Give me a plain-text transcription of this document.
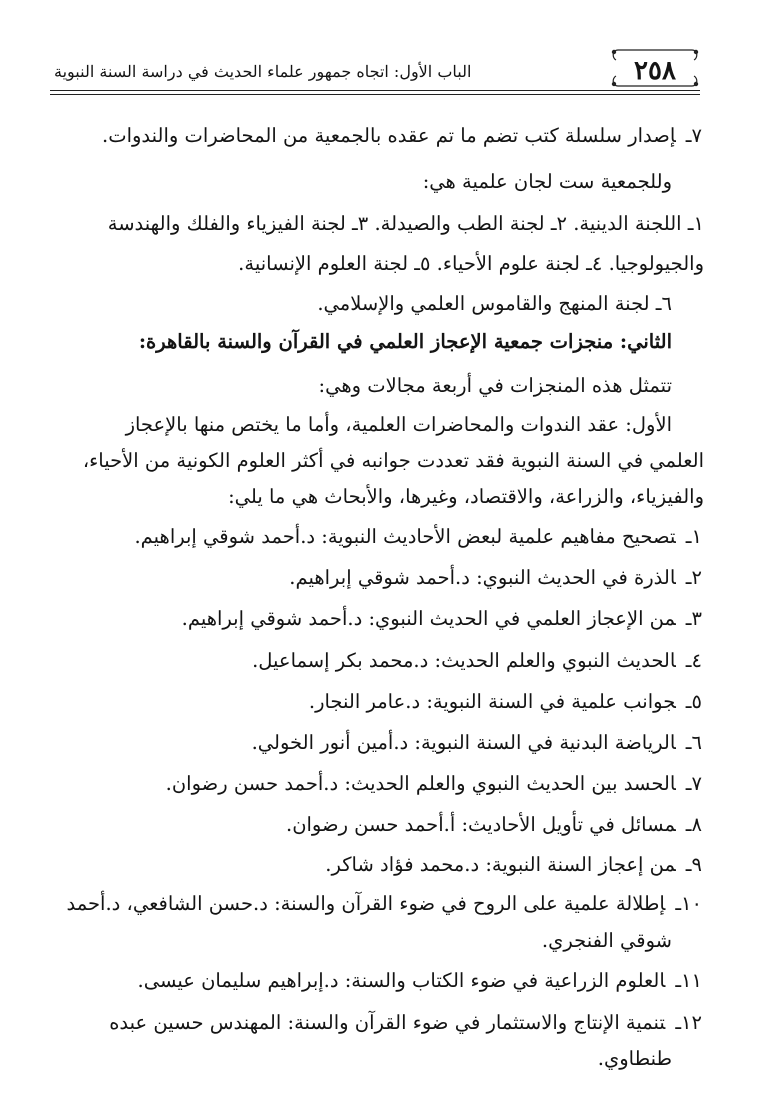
٢٥٨
الباب الأول: اتجاه جمهور علماء الحديث في دراسة السنة النبوية
٧ـإصدار سلسلة كتب تضم ما تم عقده بالجمعية من المحاضرات والندوات.
وللجمعية ست لجان علمية هي:
١ـ اللجنة الدينية. ٢ـ لجنة الطب والصيدلة. ٣ـ لجنة الفيزياء والفلك والهندسة
والجيولوجيا. ٤ـ لجنة علوم الأحياء. ٥ـ لجنة العلوم الإنسانية.
٦ـ لجنة المنهج والقاموس العلمي والإسلامي.
الثاني: منجزات جمعية الإعجاز العلمي في القرآن والسنة بالقاهرة:
تتمثل هذه المنجزات في أربعة مجالات وهي:
الأول: عقد الندوات والمحاضرات العلمية، وأما ما يختص منها بالإعجاز
العلمي في السنة النبوية فقد تعددت جوانبه في أكثر العلوم الكونية من الأحياء،
والفيزياء، والزراعة، والاقتصاد، وغيرها، والأبحاث هي ما يلي:
١ـتصحيح مفاهيم علمية لبعض الأحاديث النبوية: د.أحمد شوقي إبراهيم.
٢ـالذرة في الحديث النبوي: د.أحمد شوقي إبراهيم.
٣ـمن الإعجاز العلمي في الحديث النبوي: د.أحمد شوقي إبراهيم.
٤ـالحديث النبوي والعلم الحديث: د.محمد بكر إسماعيل.
٥ـجوانب علمية في السنة النبوية: د.عامر النجار.
٦ـالرياضة البدنية في السنة النبوية: د.أمين أنور الخولي.
٧ـالحسد بين الحديث النبوي والعلم الحديث: د.أحمد حسن رضوان.
٨ـمسائل في تأويل الأحاديث: أ.أحمد حسن رضوان.
٩ـمن إعجاز السنة النبوية: د.محمد فؤاد شاكر.
١٠ـإطلالة علمية على الروح في ضوء القرآن والسنة: د.حسن الشافعي، د.أحمد
شوقي الفنجري.
١١ـالعلوم الزراعية في ضوء الكتاب والسنة: د.إبراهيم سليمان عيسى.
١٢ـتنمية الإنتاج والاستثمار في ضوء القرآن والسنة: المهندس حسين عبده
طنطاوي.
